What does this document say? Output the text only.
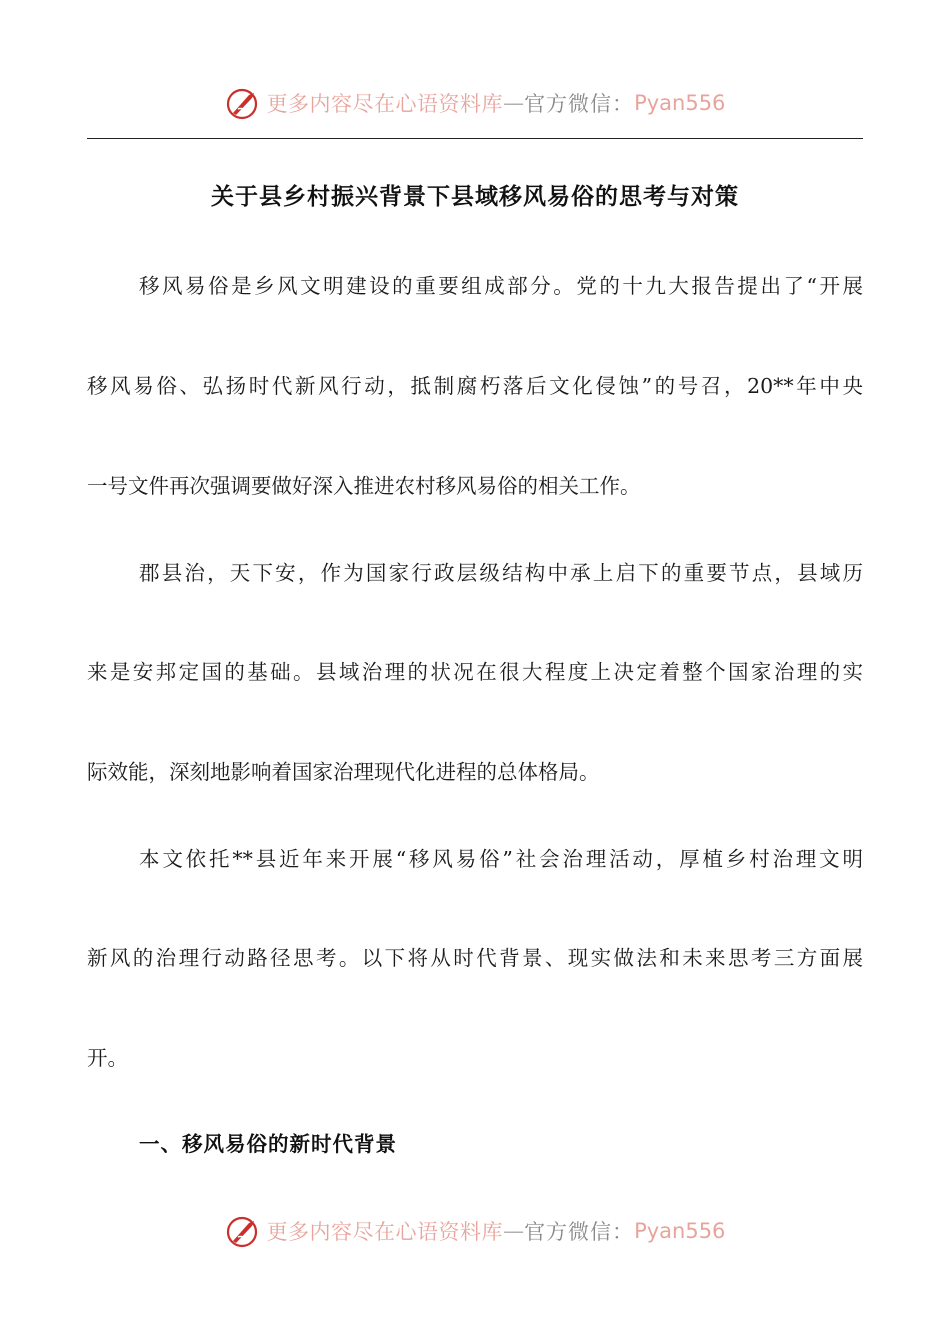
更多内容尽在心语资料库 — 官方微信： Pyan556
关于县乡村振兴背景下县域移风易俗的思考与对策
移风易俗是乡风文明建设的重要组成部分。党的十九大报告提出了“开展
移风易俗、弘扬时代新风行动，抵制腐朽落后文化侵蚀”的号召，20**年中央
一号文件再次强调要做好深入推进农村移风易俗的相关工作。
郡县治，天下安，作为国家行政层级结构中承上启下的重要节点，县域历
来是安邦定国的基础。县域治理的状况在很大程度上决定着整个国家治理的实
际效能，深刻地影响着国家治理现代化进程的总体格局。
本文依托**县近年来开展“移风易俗”社会治理活动，厚植乡村治理文明
新风的治理行动路径思考。以下将从时代背景、现实做法和未来思考三方面展
开。
一、移风易俗的新时代背景
更多内容尽在心语资料库 — 官方微信： Pyan556
